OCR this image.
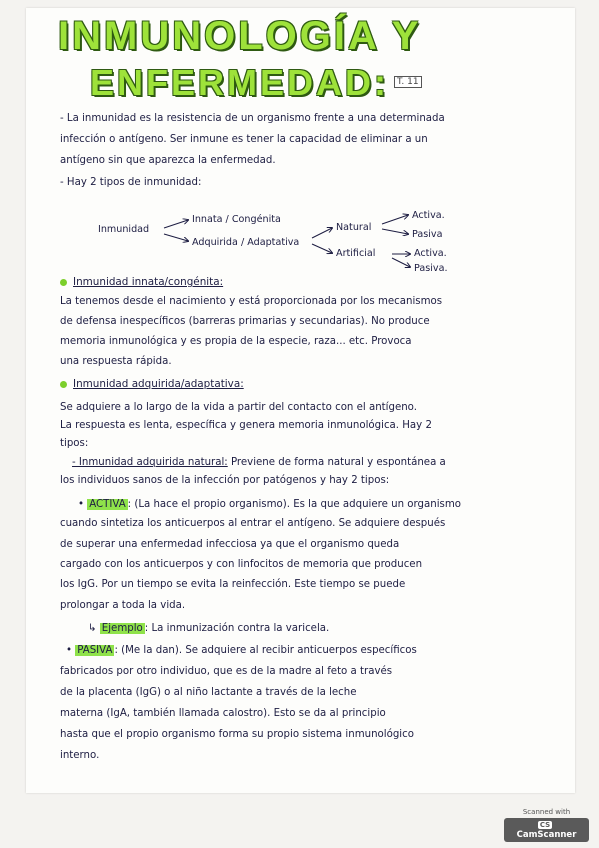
INMUNOLOGÍA Y
ENFERMEDAD: T. 11
- La inmunidad es la resistencia de un organismo frente a una determinada
infección o antígeno. Ser inmune es tener la capacidad de eliminar a un
antígeno sin que aparezca la enfermedad.
- Hay 2 tipos de inmunidad:
Inmunidad
Innata / Congénita
Adquirida / Adaptativa
Natural
Artificial
Activa.
Pasiva
Activa.
Pasiva.
Inmunidad innata/congénita:
La tenemos desde el nacimiento y está proporcionada por los mecanismos
de defensa inespecíficos (barreras primarias y secundarias). No produce
memoria inmunológica y es propia de la especie, raza... etc. Provoca
una respuesta rápida.
Inmunidad adquirida/adaptativa:
Se adquiere a lo largo de la vida a partir del contacto con el antígeno.
La respuesta es lenta, específica y genera memoria inmunológica. Hay 2
tipos:
- Inmunidad adquirida natural: Previene de forma natural y espontánea a
los individuos sanos de la infección por patógenos y hay 2 tipos:
• ACTIVA : (La hace el propio organismo). Es la que adquiere un organismo
cuando sintetiza los anticuerpos al entrar el antígeno. Se adquiere después
de superar una enfermedad infecciosa ya que el organismo queda
cargado con los anticuerpos y con linfocitos de memoria que producen
los IgG. Por un tiempo se evita la reinfección. Este tiempo se puede
prolongar a toda la vida.
↳ Ejemplo : La inmunización contra la varicela.
• PASIVA : (Me la dan). Se adquiere al recibir anticuerpos específicos
fabricados por otro individuo, que es de la madre al feto a través
de la placenta (IgG) o al niño lactante a través de la leche
materna (IgA, también llamada calostro). Esto se da al principio
hasta que el propio organismo forma su propio sistema inmunológico
interno.
Scanned with
CSCamScanner
